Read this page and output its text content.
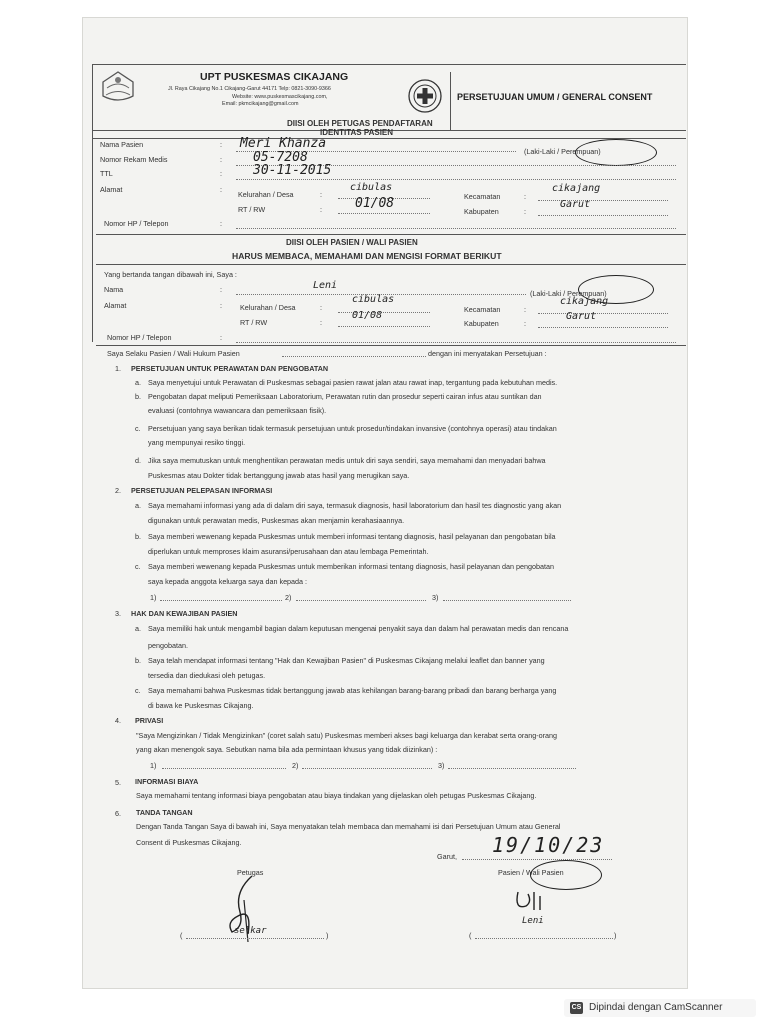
UPT PUSKESMAS CIKAJANG
Jl. Raya Cikajang No.1 Cikajang-Garut 44171 Telp: 0821-3090-9366
Website: www.puskesmascikajang.com,
Email: pkmcikajang@gmail.com
PERSETUJUAN UMUM / GENERAL CONSENT
DIISI OLEH PETUGAS PENDAFTARAN
IDENTITAS PASIEN
Nama Pasien	: Meri Khanza
(Laki-Laki / Perempuan)
Nomor Rekam Medis	: 05-7208
TTL	: 30-11-2015
Alamat	:
Kelurahan / Desa	:
cibulas
Kecamatan	:
cikajang
RT / RW	:	01/08
Kabupaten	:
Garut
Nomor HP / Telepon	:
DIISI OLEH PASIEN / WALI PASIEN
HARUS MEMBACA, MEMAHAMI DAN MENGISI FORMAT BERIKUT
Yang bertanda tangan dibawah ini, Saya :
Nama	:	Leni
(Laki-Laki / Perempuan)
Alamat	:	Kelurahan / Desa	:
cibulas
Kecamatan	:
cikajang
RT / RW	:
01/08
Kabupaten	:
Garut
Nomor HP / Telepon	:
Saya Selaku Pasien / Wali Hukum Pasien	dengan ini menyatakan Persetujuan :
1. PERSETUJUAN UNTUK PERAWATAN DAN PENGOBATAN
a. Saya menyetujui untuk Perawatan di Puskesmas sebagai pasien rawat jalan atau rawat inap, tergantung pada kebutuhan medis.
b. Pengobatan dapat meliputi Pemeriksaan Laboratorium, Perawatan rutin dan prosedur seperti cairan infus atau suntikan dan
evaluasi (contohnya wawancara dan pemeriksaan fisik).
c. Persetujuan yang saya berikan tidak termasuk persetujuan untuk prosedur/tindakan invansive (contohnya operasi) atau tindakan
yang mempunyai resiko tinggi.
d. Jika saya memutuskan untuk menghentikan perawatan medis untuk diri saya sendiri, saya memahami dan menyadari bahwa
Puskesmas atau Dokter tidak bertanggung jawab atas hasil yang merugikan saya.
2. PERSETUJUAN PELEPASAN INFORMASI
a. Saya memahami informasi yang ada di dalam diri saya, termasuk diagnosis, hasil laboratorium dan hasil tes diagnostic yang akan
digunakan untuk perawatan medis, Puskesmas akan menjamin kerahasiaannya.
b. Saya memberi wewenang kepada Puskesmas untuk memberi informasi tentang diagnosis, hasil pelayanan dan pengobatan bila
diperlukan untuk memproses klaim asuransi/perusahaan dan atau lembaga Pemerintah.
c. Saya memberi wewenang kepada Puskesmas untuk memberikan informasi tentang diagnosis, hasil pelayanan dan pengobatan
saya kepada anggota keluarga saya dan kepada :
1)	2)	3)
3. HAK DAN KEWAJIBAN PASIEN
a. Saya memiliki hak untuk mengambil bagian dalam keputusan mengenai penyakit saya dan dalam hal perawatan medis dan rencana
pengobatan.
b. Saya telah mendapat informasi tentang "Hak dan Kewajiban Pasien" di Puskesmas Cikajang melalui leaflet dan banner yang
tersedia dan diedukasi oleh petugas.
c. Saya memahami bahwa Puskesmas tidak bertanggung jawab atas kehilangan barang-barang pribadi dan barang berharga yang
di bawa ke Puskesmas Cikajang.
4. PRIVASI
"Saya Mengizinkan / Tidak Mengizinkan" (coret salah satu) Puskesmas memberi akses bagi keluarga dan kerabat serta orang-orang
yang akan menengok saya. Sebutkan nama bila ada permintaan khusus yang tidak diizinkan) :
1)	2)	3)
5. INFORMASI BIAYA
Saya memahami tentang informasi biaya pengobatan atau biaya tindakan yang dijelaskan oleh petugas Puskesmas Cikajang.
6. TANDA TANGAN
Dengan Tanda Tangan Saya di bawah ini, Saya menyatakan telah membaca dan memahami isi dari Persetujuan Umum atau General
Consent di Puskesmas Cikajang.
Garut, 19/10/23
Petugas	Pasien / Wali Pasien
selkar
Leni
(	)	(	)
CS Dipindai dengan CamScanner
